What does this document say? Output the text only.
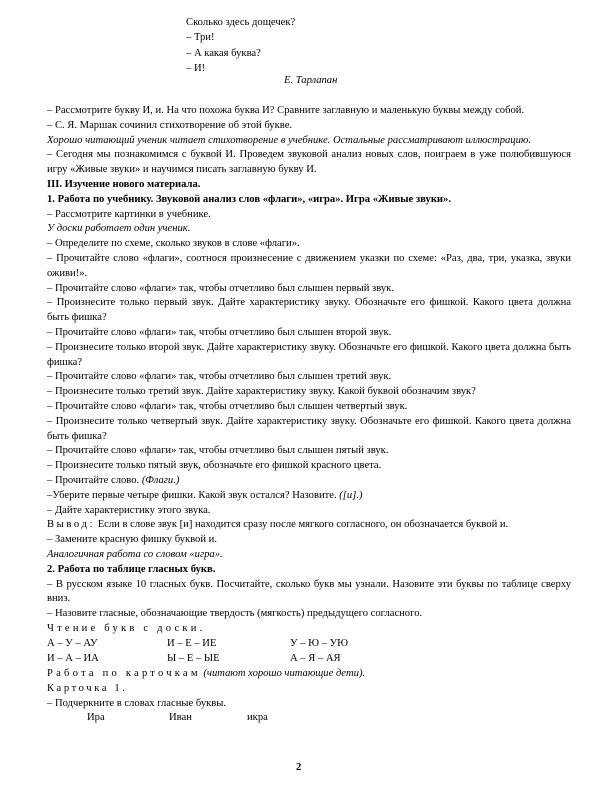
Сколько здесь дощечек?
– Три!
– А какая буква?
– И!
Е. Тарлапан
– Рассмотрите букву И, и. На что похожа буква И? Сравните заглавную и маленькую буквы между собой.
– С. Я. Маршак сочинил стихотворение об этой букве.
Хорошо читающий ученик читает стихотворение в учебнике. Остальные рассматривают иллюстрацию.
– Сегодня мы познакомимся с буквой И. Проведем звуковой анализ новых слов, поиграем в уже полюбившуюся игру «Живые звуки» и научимся писать заглавную букву И.
III. Изучение нового материала.
1. Работа по учебнику. Звуковой анализ слов «флаги», «игра». Игра «Живые звуки».
– Рассмотрите картинки в учебнике.
У доски работает один ученик.
– Определите по схеме, сколько звуков в слове «флаги».
– Прочитайте слово «флаги», соотнося произнесение с движением указки по схеме: «Раз, два, три, указка, звуки оживи!».
– Прочитайте слово «флаги» так, чтобы отчетливо был слышен первый звук.
– Произнесите только первый звук. Дайте характеристику звуку. Обозначьте его фишкой. Какого цвета должна быть фишка?
– Прочитайте слово «флаги» так, чтобы отчетливо был слышен второй звук.
– Произнесите только второй звук. Дайте характеристику звуку. Обозначьте его фишкой. Какого цвета должна быть фишка?
– Прочитайте слово «флаги» так, чтобы отчетливо был слышен третий звук.
– Произнесите только третий звук. Дайте характеристику звуку. Какой буквой обозначим звук?
– Прочитайте слово «флаги» так, чтобы отчетливо был слышен четвертый звук.
– Произнесите только четвертый звук. Дайте характеристику звуку. Обозначьте его фишкой. Какого цвета должна быть фишка?
– Прочитайте слово «флаги» так, чтобы отчетливо был слышен пятый звук.
– Произнесите только пятый звук, обозначьте его фишкой красного цвета.
– Прочитайте слово. (Флаги.)
–Уберите первые четыре фишки. Какой звук остался? Назовите. ([и].)
– Дайте характеристику этого звука.
Вывод: Если в слове звук [и] находится сразу после мягкого согласного, он обозначается буквой и.
– Замените красную фишку буквой и.
Аналогичная работа со словом «игра».
2. Работа по таблице гласных букв.
– В русском языке 10 гласных букв. Посчитайте, сколько букв мы узнали. Назовите эти буквы по таблице сверху вниз.
– Назовите гласные, обозначающие твердость (мягкость) предыдущего согласного.
Чтение букв с доски.
А – У – АУ	И – Е – ИЕ	У – Ю – УЮ
И – А – ИА	Ы – Е – ЫЕ	А – Я – АЯ
Работа по карточкам (читают хорошо читающие дети).
Карточка 1.
– Подчеркните в словах гласные буквы.
Ира	Иван	икра
2
